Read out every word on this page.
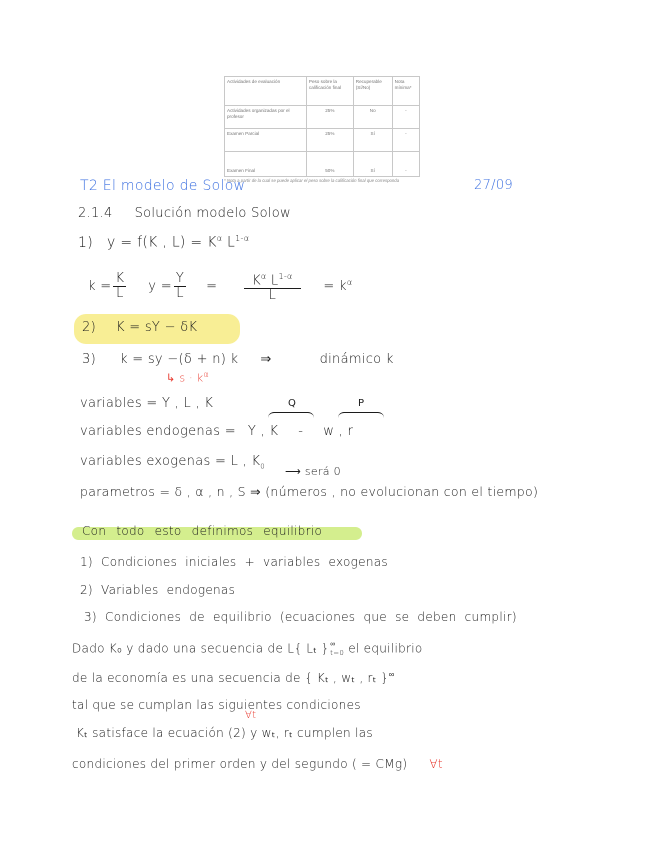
Actividades de evaluación	Peso sobre la calificación final	Recuperable (Sí/No)	Nota mínima*
Actividades organizadas por el profesor	25%	No	-
Examen Parcial	25%	Sí	-
Examen Final	50%	Sí	-
* Nota a partir de la cual se puede aplicar el peso sobre la calificación final que corresponda
T2 El modelo de Solow	27/09
2.1.4 Solución modelo Solow
1) y = f(K , $L) = K^\alpha$ $L^{1-\alpha}$
$k = \frac{K}{L}$ $y = \frac{Y}{L} = \frac{K^\alpha L^{1-\alpha}}{L} = k^\alpha$
2) K = sY − δK
3) k = sy −(δ + n) k ⇒	dinámico k
↳ $s \cdot k^\alpha$
variables = Y , L , K	Q	P
variables endogenas = Y , K - w , r
variables exogenas = L , $K_0$ ⟶ será 0
parametros = δ , α , n , S ⇒ (números , no evolucionan con el tiempo)
Con todo esto definimos equilibrio
1) Condiciones iniciales + variables exogenas
2) Variables endogenas
3) Condiciones de equilibrio (ecuaciones que se deben cumplir)
Dado K₀ y dado una secuencia de L{ Lₜ } ∞
t=0 el equilibrio
de la economía es una secuencia de { Kₜ , wₜ , rₜ }∞
tal que se cumplan las siguientes condiciones
∀t
Kₜ satisface la ecuación (2) y wₜ, rₜ cumplen las
condiciones del primer orden y del segundo ( = CMg) ∀t
